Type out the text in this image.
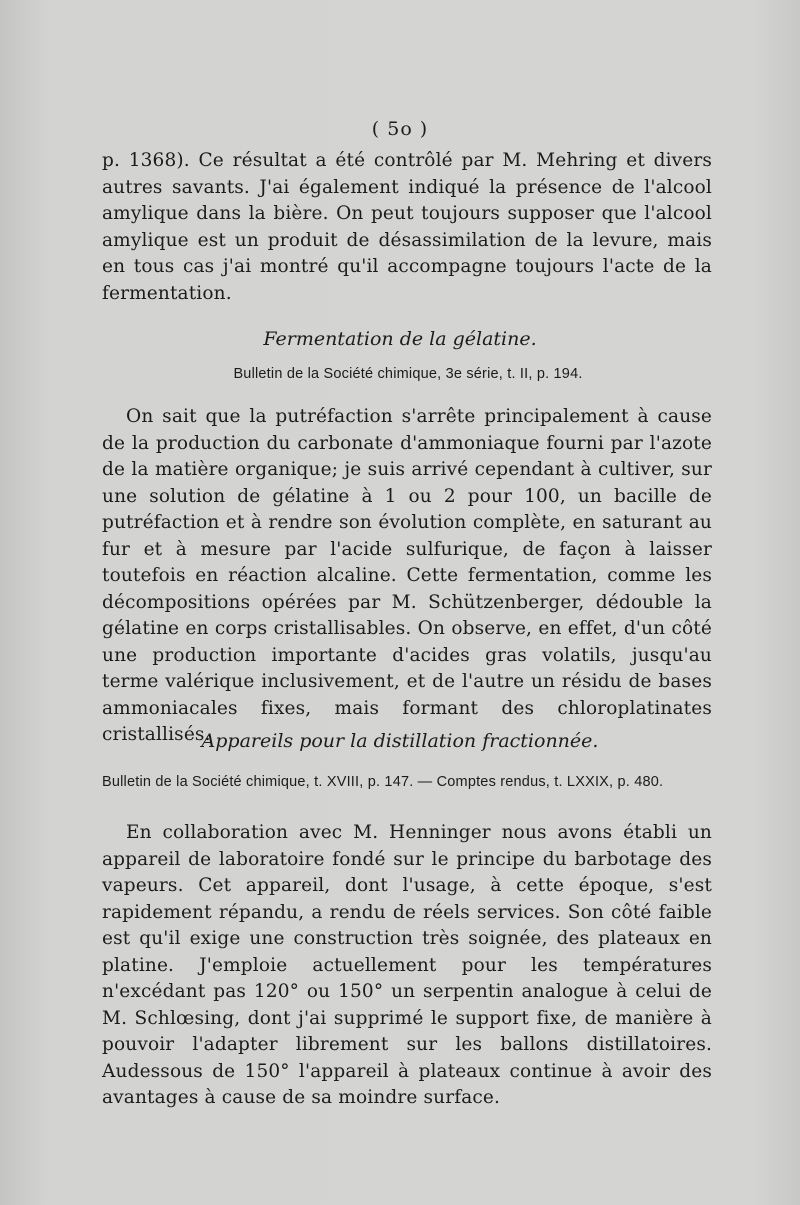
( 5o )
p. 1368). Ce résultat a été contrôlé par M. Mehring et divers autres savants. J'ai également indiqué la présence de l'alcool amylique dans la bière. On peut toujours supposer que l'alcool amylique est un produit de désassimilation de la levure, mais en tous cas j'ai montré qu'il accompagne toujours l'acte de la fermentation.
Fermentation de la gélatine.
Bulletin de la Société chimique, 3e série, t. II, p. 194.
On sait que la putréfaction s'arrête principalement à cause de la production du carbonate d'ammoniaque fourni par l'azote de la matière organique; je suis arrivé cependant à cultiver, sur une solution de gélatine à 1 ou 2 pour 100, un bacille de putréfaction et à rendre son évolution complète, en saturant au fur et à mesure par l'acide sulfurique, de façon à laisser toutefois en réaction alcaline. Cette fermentation, comme les décompositions opérées par M. Schützenberger, dédouble la gélatine en corps cristallisables. On observe, en effet, d'un côté une production importante d'acides gras volatils, jusqu'au terme valérique inclusivement, et de l'autre un résidu de bases ammoniacales fixes, mais formant des chloroplatinates cristallisés.
Appareils pour la distillation fractionnée.
Bulletin de la Société chimique, t. XVIII, p. 147. — Comptes rendus, t. LXXIX, p. 480.
En collaboration avec M. Henninger nous avons établi un appareil de laboratoire fondé sur le principe du barbotage des vapeurs. Cet appareil, dont l'usage, à cette époque, s'est rapidement répandu, a rendu de réels services. Son côté faible est qu'il exige une construction très soignée, des plateaux en platine. J'emploie actuellement pour les températures n'excédant pas 120° ou 150° un serpentin analogue à celui de M. Schlœsing, dont j'ai supprimé le support fixe, de manière à pouvoir l'adapter librement sur les ballons distillatoires. Audessous de 150° l'appareil à plateaux continue à avoir des avantages à cause de sa moindre surface.
